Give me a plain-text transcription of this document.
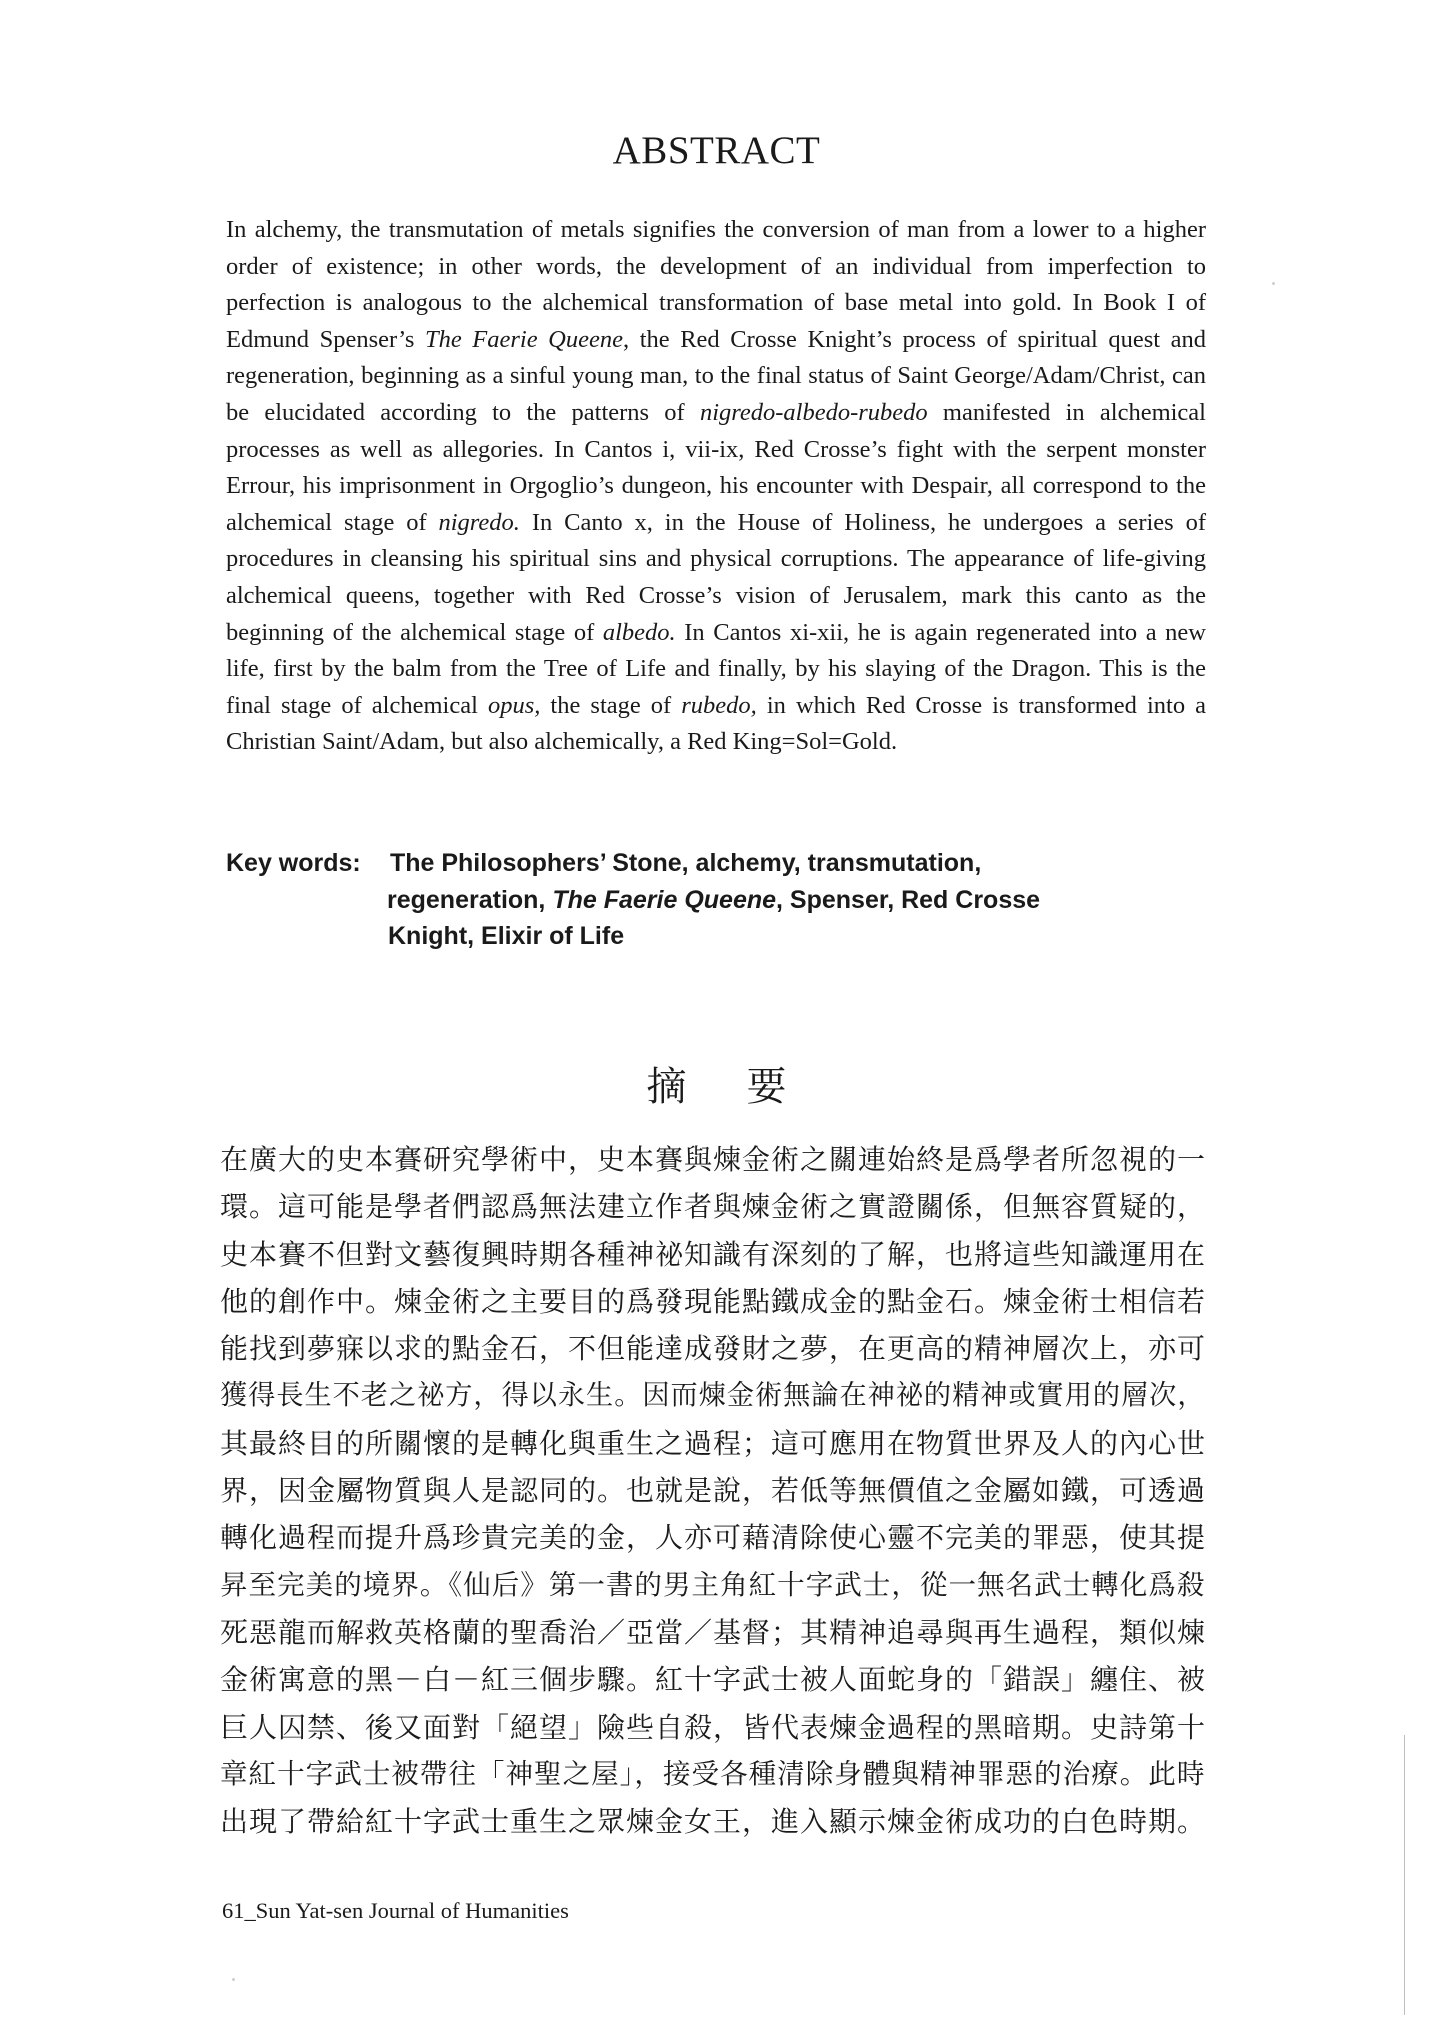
ABSTRACT

In alchemy, the transmutation of metals signifies the conversion of man from a lower to a higher order of existence; in other words, the development of an individual from imperfection to perfection is analogous to the alchemical transformation of base metal into gold. In Book I of Edmund Spenser’s The Faerie Queene, the Red Crosse Knight’s process of spiritual quest and regeneration, beginning as a sinful young man, to the final status of Saint George/Adam/Christ, can be elucidated according to the patterns of nigredo-albedo-rubedo manifested in alchemical processes as well as allegories. In Cantos i, vii-ix, Red Crosse’s fight with the serpent monster Errour, his imprisonment in Orgoglio’s dungeon, his encounter with Despair, all correspond to the alchemical stage of nigredo. In Canto x, in the House of Holiness, he undergoes a series of procedures in cleansing his spiritual sins and physical corruptions. The appearance of life-giving alchemical queens, together with Red Crosse’s vision of Jerusalem, mark this canto as the beginning of the alchemical stage of albedo. In Cantos xi-xii, he is again regenerated into a new life, first by the balm from the Tree of Life and finally, by his slaying of the Dragon. This is the final stage of alchemical opus, the stage of rubedo, in which Red Crosse is transformed into a Christian Saint/Adam, but also alchemically, a Red King=Sol=Gold.

Key words: The Philosophers’ Stone, alchemy, transmutation,
regeneration, The Faerie Queene, Spenser, Red Crosse
Knight, Elixir of Life
摘要
在廣大的史本賽研究學術中，史本賽與煉金術之關連始終是爲學者所忽視的一
環。這可能是學者們認爲無法建立作者與煉金術之實證關係，但無容質疑的，
史本賽不但對文藝復興時期各種神祕知識有深刻的了解，也將這些知識運用在
他的創作中。煉金術之主要目的爲發現能點鐵成金的點金石。煉金術士相信若
能找到夢寐以求的點金石，不但能達成發財之夢，在更高的精神層次上，亦可
獲得長生不老之祕方，得以永生。因而煉金術無論在神祕的精神或實用的層次，
其最終目的所關懷的是轉化與重生之過程；這可應用在物質世界及人的內心世
界，因金屬物質與人是認同的。也就是說，若低等無價值之金屬如鐵，可透過
轉化過程而提升爲珍貴完美的金，人亦可藉清除使心靈不完美的罪惡，使其提
昇至完美的境界。《仙后》第一書的男主角紅十字武士，從一無名武士轉化爲殺
死惡龍而解救英格蘭的聖喬治／亞當／基督；其精神追尋與再生過程，類似煉
金術寓意的黑－白－紅三個步驟。紅十字武士被人面蛇身的「錯誤」纏住、被
巨人囚禁、後又面對「絕望」險些自殺，皆代表煉金過程的黑暗期。史詩第十
章紅十字武士被帶往「神聖之屋」，接受各種清除身體與精神罪惡的治療。此時
出現了帶給紅十字武士重生之眾煉金女王，進入顯示煉金術成功的白色時期。
61_Sun Yat-sen Journal of Humanities
